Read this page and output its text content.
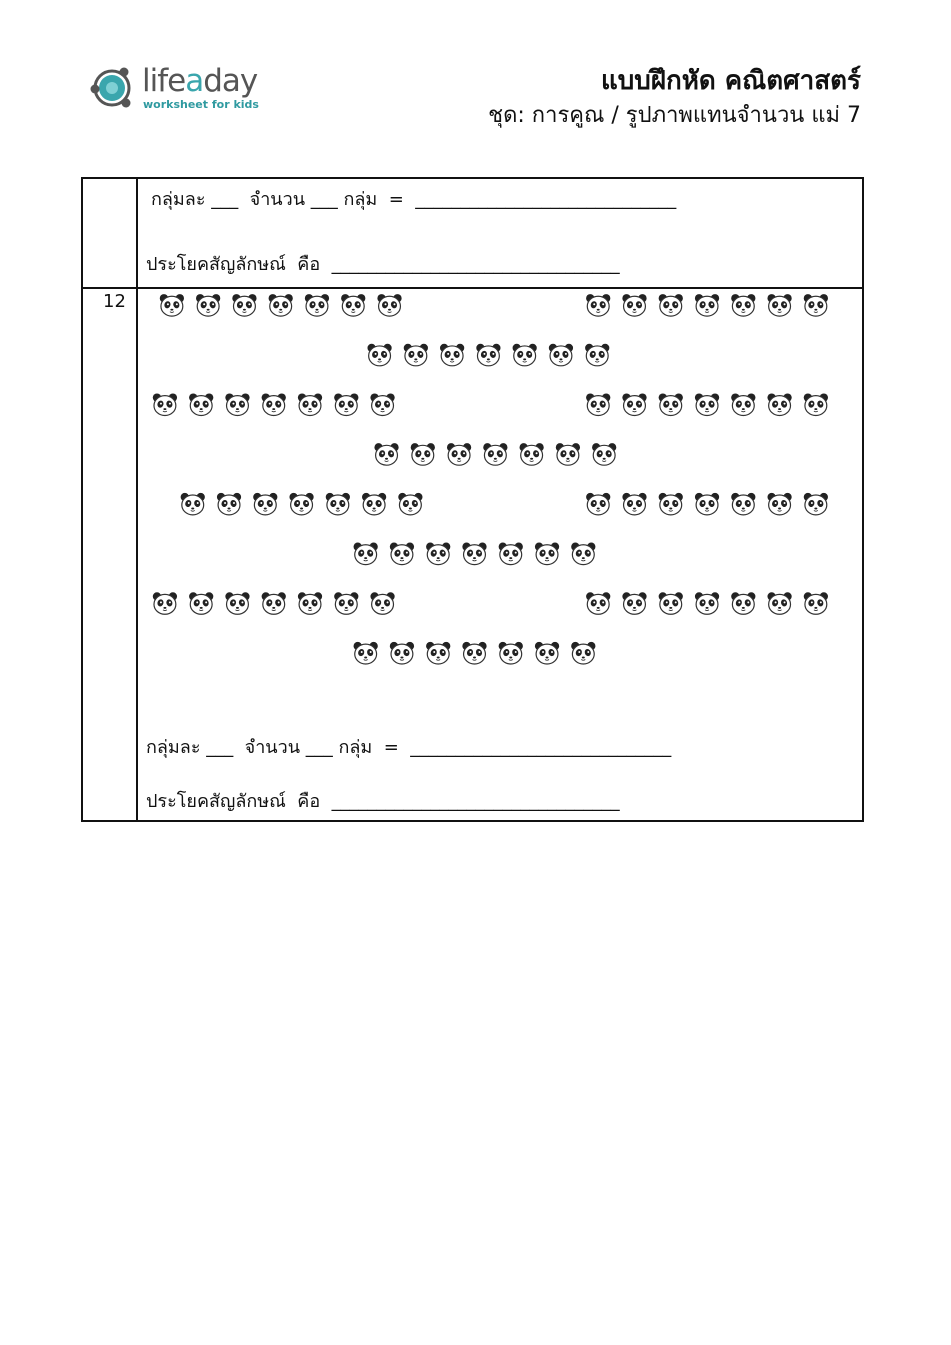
lifeaday
worksheet for kids
แบบฝึกหัด คณิตศาสตร์
ชุด: การคูณ / รูปภาพแทนจำนวน แม่ 7
กลุ่มละ ___  จำนวน ___ กลุ่ม  =  _____________________________
ประโยคสัญลักษณ์  คือ  ________________________________
12
กลุ่มละ ___  จำนวน ___ กลุ่ม  =  _____________________________
ประโยคสัญลักษณ์  คือ  ________________________________
